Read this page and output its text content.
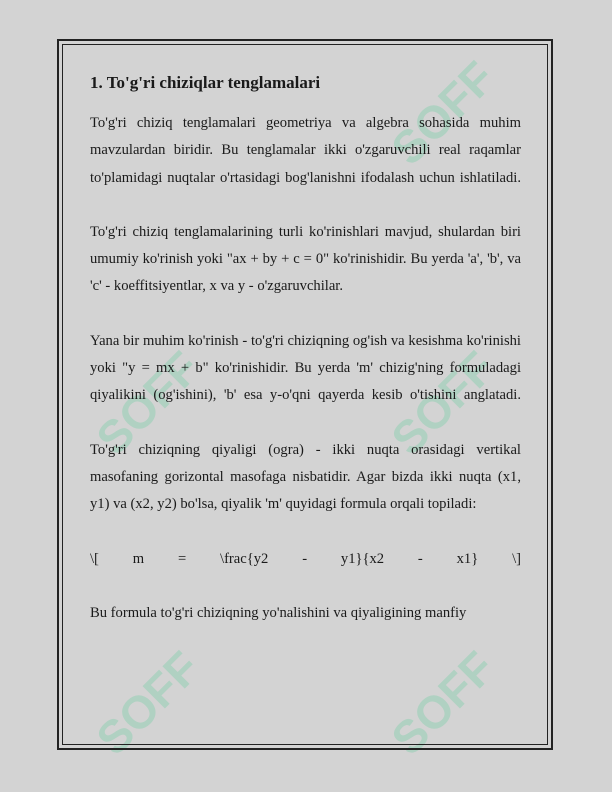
SOFF
SOFF
SOFF
SOFF	SOFF
1. To'g'ri chiziqlar tenglamalari

To'g'ri chiziq tenglamalari geometriya va algebra sohasida muhim mavzulardan biridir. Bu tenglamalar ikki o'zgaruvchili real raqamlar to'plamidagi nuqtalar o'rtasidagi bog'lanishni ifodalash uchun ishlatiladi.

To'g'ri chiziq tenglamalarining turli ko'rinishlari mavjud, shulardan biri umumiy ko'rinish yoki "ax + by + c = 0" ko'rinishidir. Bu yerda 'a', 'b', va 'c' - koeffitsiyentlar, x va y - o'zgaruvchilar.

Yana bir muhim ko'rinish - to'g'ri chiziqning og'ish va kesishma ko'rinishi yoki "y = mx + b" ko'rinishidir. Bu yerda 'm' chizig'ning formuladagi qiyalikini (og'ishini), 'b' esa y-o'qni qayerda kesib o'tishini anglatadi.

To'g'ri chiziqning qiyaligi (ogra) - ikki nuqta orasidagi vertikal masofaning gorizontal masofaga nisbatidir. Agar bizda ikki nuqta (x1, y1) va (x2, y2) bo'lsa, qiyalik 'm' quyidagi formula orqali topiladi:

\[ m = \frac{y2 - y1}{x2 - x1} \]

Bu formula to'g'ri chiziqning yo'nalishini va qiyaligining manfiy
